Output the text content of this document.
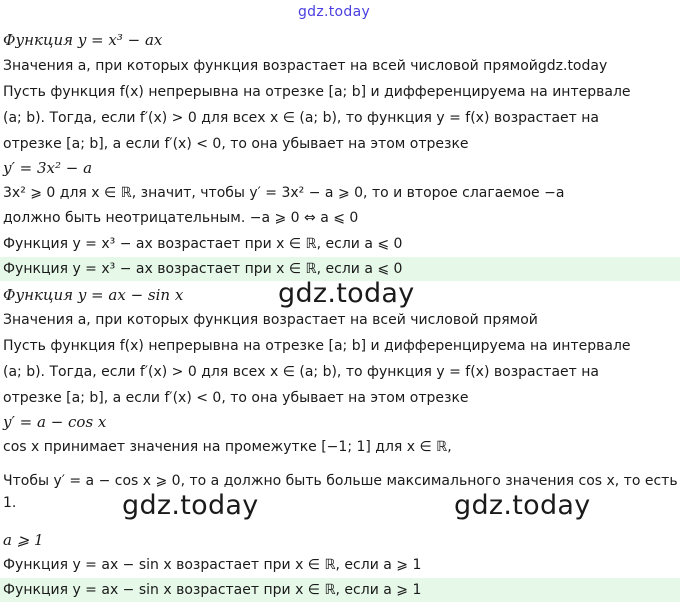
gdz.today
Функция y = x³ − ax
Значения a, при которых функция возрастает на всей числовой прямойgdz.today
Пусть функция f(x) непрерывна на отрезке [a; b] и дифференцируема на интервале
(a; b). Тогда, если f′(x) > 0 для всех x ∈ (a; b), то функция y = f(x) возрастает на
отрезке [a; b], а если f′(x) < 0, то она убывает на этом отрезке
y′ = 3x² − a
3x² ⩾ 0 для x ∈ ℝ, значит, чтобы y′ = 3x² − a ⩾ 0, то и второе слагаемое −a
должно быть неотрицательным. −a ⩾ 0 ⇔ a ⩽ 0
Функция y = x³ − ax возрастает при x ∈ ℝ, если a ⩽ 0
Функция y = x³ − ax возрастает при x ∈ ℝ, если a ⩽ 0
Функция y = ax − sin x	gdz.today
Значения a, при которых функция возрастает на всей числовой прямой
Пусть функция f(x) непрерывна на отрезке [a; b] и дифференцируема на интервале
(a; b). Тогда, если f′(x) > 0 для всех x ∈ (a; b), то функция y = f(x) возрастает на
отрезке [a; b], а если f′(x) < 0, то она убывает на этом отрезке
y′ = a − cos x
cos x принимает значения на промежутке [−1; 1] для x ∈ ℝ,
Чтобы y′ = a − cos x ⩾ 0, то a должно быть больше максимального значения cos x, то есть 1.	gdz.today	gdz.today
a ⩾ 1
Функция y = ax − sin x возрастает при x ∈ ℝ, если a ⩾ 1
Функция y = ax − sin x возрастает при x ∈ ℝ, если a ⩾ 1
